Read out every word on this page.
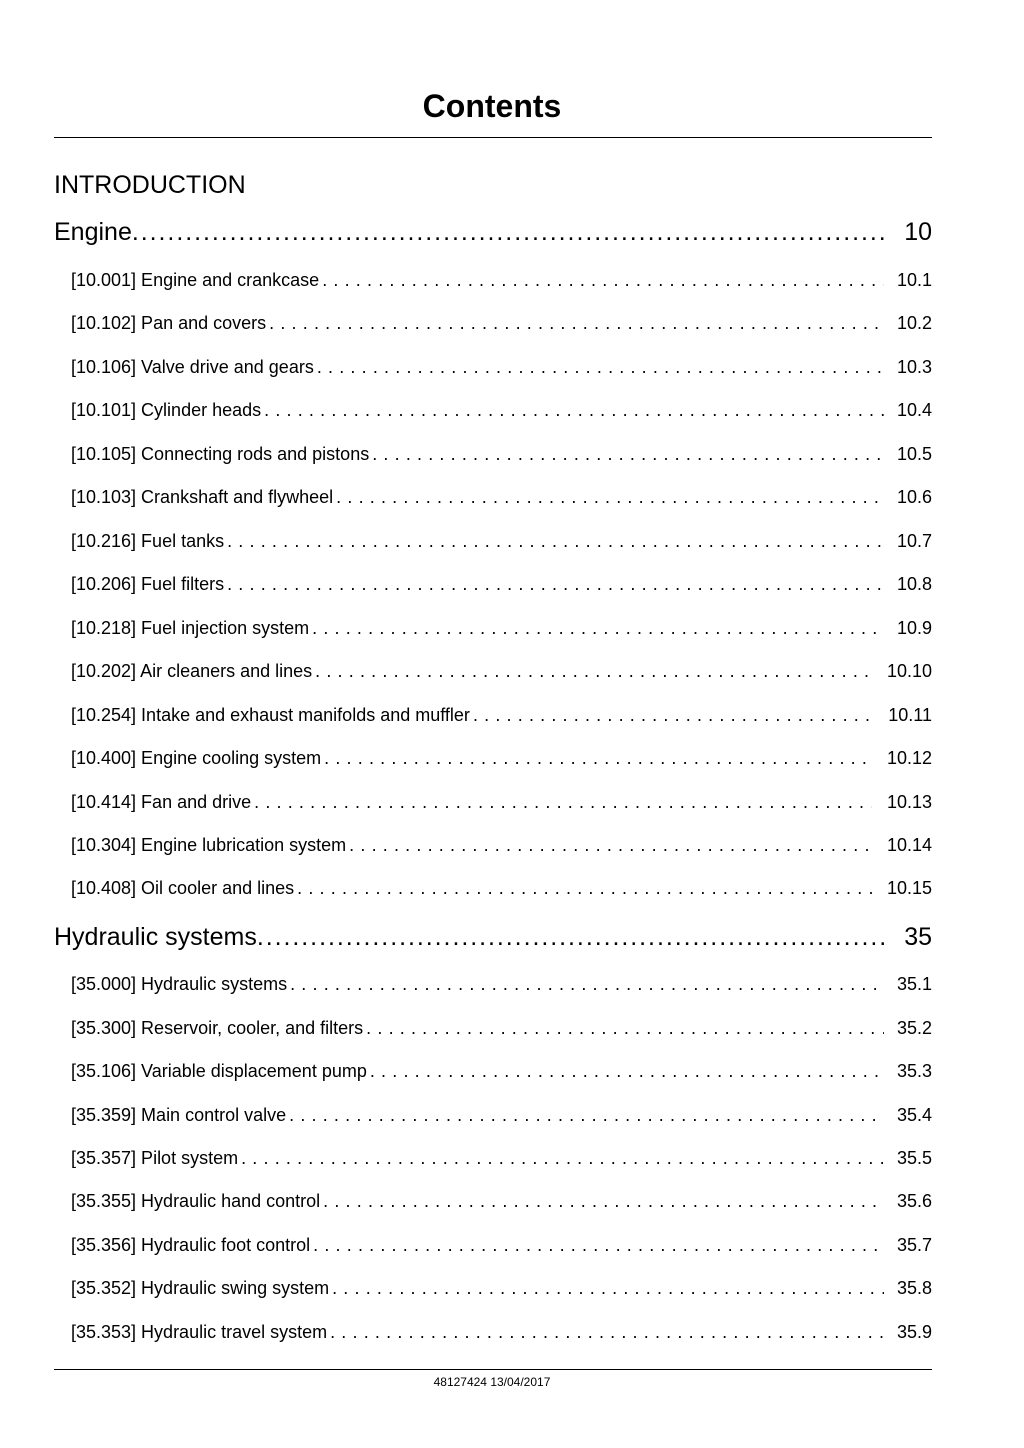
Contents
INTRODUCTION
Engine . . .	10
[10.001] Engine and crankcase . . .	10.1
[10.102] Pan and covers . . .	10.2
[10.106] Valve drive and gears . . .	10.3
[10.101] Cylinder heads . . .	10.4
[10.105] Connecting rods and pistons . . .	10.5
[10.103] Crankshaft and flywheel . . .	10.6
[10.216] Fuel tanks . . .	10.7
[10.206] Fuel filters . . .	10.8
[10.218] Fuel injection system . . .	10.9
[10.202] Air cleaners and lines . . .	10.10
[10.254] Intake and exhaust manifolds and muffler . . .	10.11
[10.400] Engine cooling system . . .	10.12
[10.414] Fan and drive . . .	10.13
[10.304] Engine lubrication system . . .	10.14
[10.408] Oil cooler and lines . . .	10.15
Hydraulic systems . . .	35
[35.000] Hydraulic systems . . .	35.1
[35.300] Reservoir, cooler, and filters . . .	35.2
[35.106] Variable displacement pump . . .	35.3
[35.359] Main control valve . . .	35.4
[35.357] Pilot system . . .	35.5
[35.355] Hydraulic hand control . . .	35.6
[35.356] Hydraulic foot control . . .	35.7
[35.352] Hydraulic swing system . . .	35.8
[35.353] Hydraulic travel system . . .	35.9
48127424 13/04/2017
